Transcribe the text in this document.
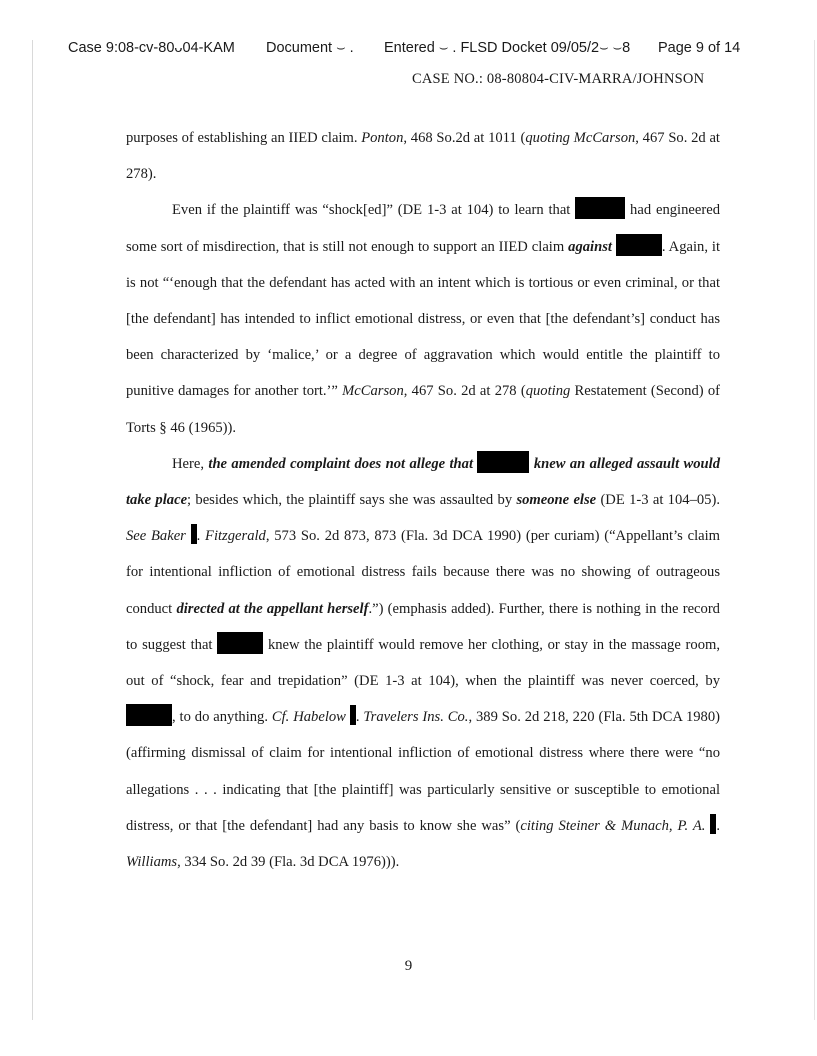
Case 9:08-cv-80ᴗ04-KAM Document ⌣ . Entered ⌣ . FLSD Docket 09/05/2⌣ ⌣8 Page 9 of 14
CASE NO.: 08-80804-CIV-MARRA/JOHNSON

purposes of establishing an IIED claim. Ponton, 468 So.2d at 1011 (quoting McCarson, 467 So. 2d at 278).

Even if the plaintiff was “shock[ed]” (DE 1-3 at 104) to learn that	had engineered some sort of misdirection, that is still not enough to support an IIED claim against	. Again, it is not “‘enough that the defendant has acted with an intent which is tortious or even criminal, or that [the defendant] has intended to inflict emotional distress, or even that [the defendant’s] conduct has been characterized by ‘malice,’ or a degree of aggravation which would entitle the plaintiff to punitive damages for another tort.’” McCarson, 467 So. 2d at 278 (quoting Restatement (Second) of Torts § 46 (1965)).

Here, the amended complaint does not allege that	knew an alleged assault would take place; besides which, the plaintiff says she was assaulted by someone else (DE 1-3 at 104–05). See Baker . Fitzgerald, 573 So. 2d 873, 873 (Fla. 3d DCA 1990) (per curiam) (“Appellant’s claim for intentional infliction of emotional distress fails because there was no showing of outrageous conduct directed at the appellant herself.”) (emphasis added). Further, there is nothing in the record to suggest that	knew the plaintiff would remove her clothing, or stay in the massage room, out of “shock, fear and trepidation” (DE 1-3 at 104), when the plaintiff was never coerced, by , to do anything. Cf. Habelow . Travelers Ins. Co., 389 So. 2d 218, 220 (Fla. 5th DCA 1980) (affirming dismissal of claim for intentional infliction of emotional distress where there were “no allegations . . . indicating that [the plaintiff] was particularly sensitive or susceptible to emotional distress, or that [the defendant] had any basis to know she was” (citing Steiner & Munach, P. A. . Williams, 334 So. 2d 39 (Fla. 3d DCA 1976))).

9
